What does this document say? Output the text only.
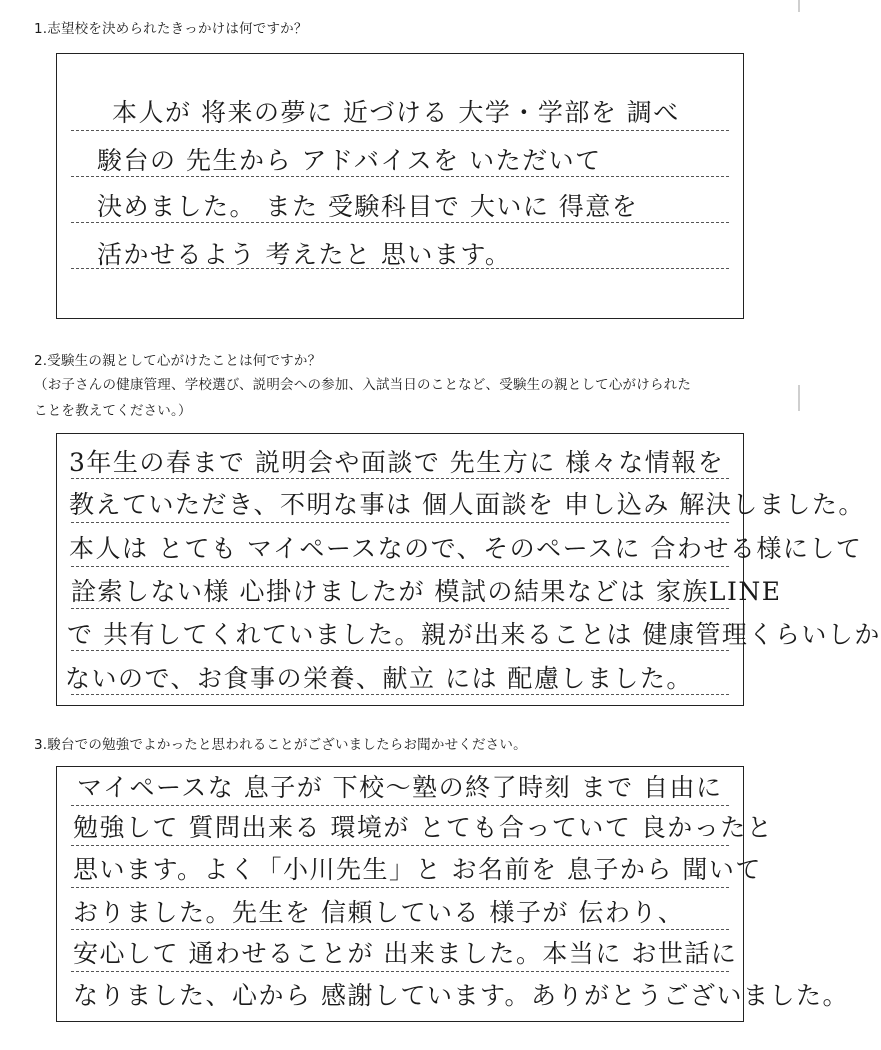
1.志望校を決められたきっかけは何ですか？
本人が 将来の夢に 近づける 大学・学部を 調べ
駿台の 先生から アドバイスを いただいて
決めました。 また 受験科目で 大いに 得意を
活かせるよう 考えたと 思います。
2.受験生の親として心がけたことは何ですか？
（お子さんの健康管理、学校選び、説明会への参加、入試当日のことなど、受験生の親として心がけられた
ことを教えてください。）
3年生の春まで 説明会や面談で 先生方に 様々な情報を
教えていただき、不明な事は 個人面談を 申し込み 解決しました。
本人は とても マイペースなので、そのペースに 合わせる様にして
詮索しない様 心掛けましたが 模試の結果などは 家族LINE
で 共有してくれていました。親が出来ることは 健康管理くらいしか
ないので、お食事の栄養、献立 には 配慮しました。
3.駿台での勉強でよかったと思われることがございましたらお聞かせください。
マイペースな 息子が 下校～塾の終了時刻 まで 自由に
勉強して 質問出来る 環境が とても合っていて 良かったと
思います。よく「小川先生」と お名前を 息子から 聞いて
おりました。先生を 信頼している 様子が 伝わり、
安心して 通わせることが 出来ました。本当に お世話に
なりました、心から 感謝しています。ありがとうございました。
